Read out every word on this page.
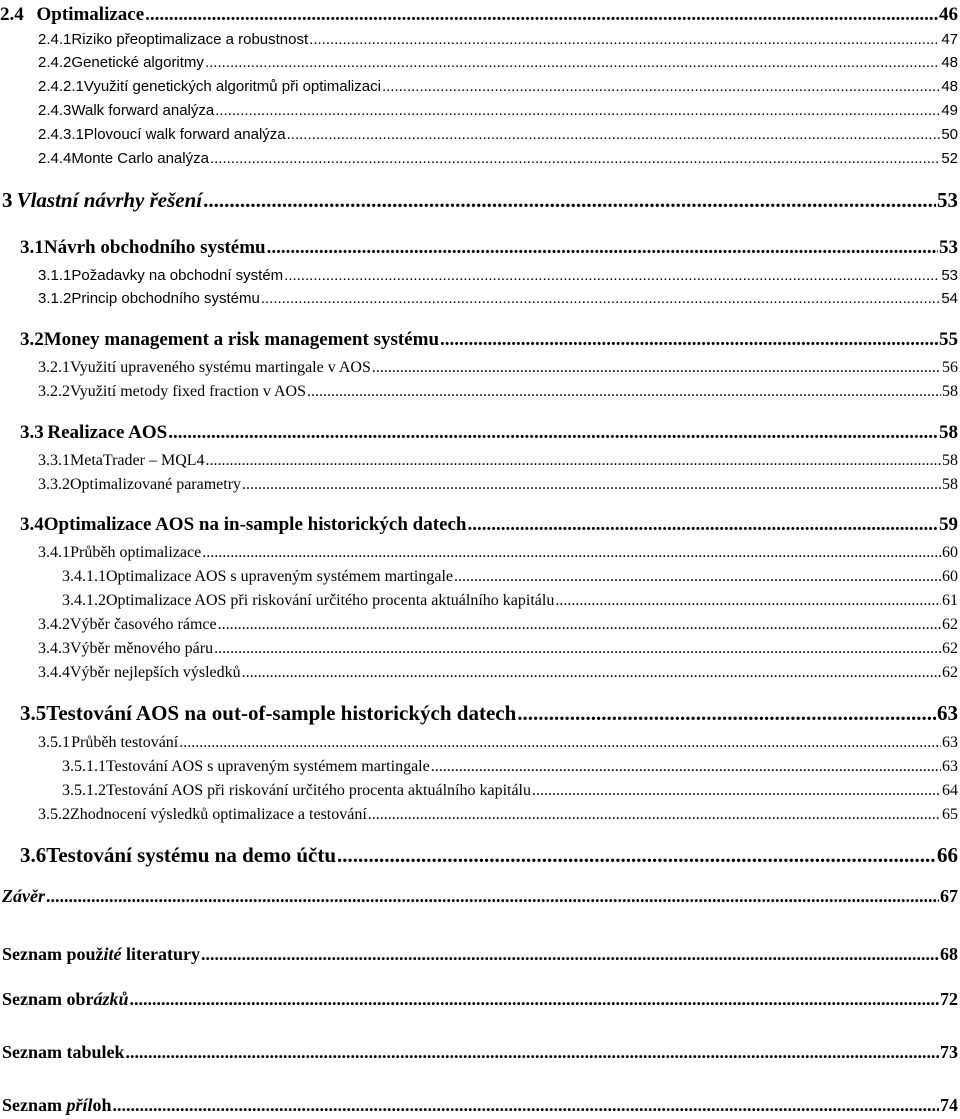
2.4 Optimalizace .....	46
2.4.1 Riziko přeoptimalizace a robustnost .....	47
2.4.2 Genetické algoritmy .....	48
2.4.2.1 Využití genetických algoritmů při optimalizaci .....	48
2.4.3 Walk forward analýza .....	49
2.4.3.1 Plovoucí walk forward analýza .....	50
2.4.4 Monte Carlo analýza .....	52
3 Vlastní návrhy řešení .....	53
3.1 Návrh obchodního systému .....	53
3.1.1 Požadavky na obchodní systém .....	53
3.1.2 Princip obchodního systému .....	54
3.2 Money management a risk management systému .....	55
3.2.1 Využití upraveného systému martingale v AOS .....	56
3.2.2 Využití metody fixed fraction v AOS .....	58
3.3 Realizace AOS .....	58
3.3.1 MetaTrader – MQL4 .....	58
3.3.2 Optimalizované parametry .....	58
3.4 Optimalizace AOS na in-sample historických datech .....	59
3.4.1 Průběh optimalizace .....	60
3.4.1.1 Optimalizace AOS s upraveným systémem martingale .....	60
3.4.1.2 Optimalizace AOS při riskování určitého procenta aktuálního kapitálu .....	61
3.4.2 Výběr časového rámce .....	62
3.4.3 Výběr měnového páru .....	62
3.4.4 Výběr nejlepších výsledků .....	62
3.5 Testování AOS na out-of-sample historických datech .....	63
3.5.1 Průběh testování .....	63
3.5.1.1 Testování AOS s upraveným systémem martingale .....	63
3.5.1.2 Testování AOS při riskování určitého procenta aktuálního kapitálu .....	64
3.5.2 Zhodnocení výsledků optimalizace a testování .....	65
3.6 Testování systému na demo účtu .....	66
Závěr .....	67
Seznam použité literatury .....	68
Seznam obrázků .....	72
Seznam tabulek .....	73
Seznam příloh .....	74
